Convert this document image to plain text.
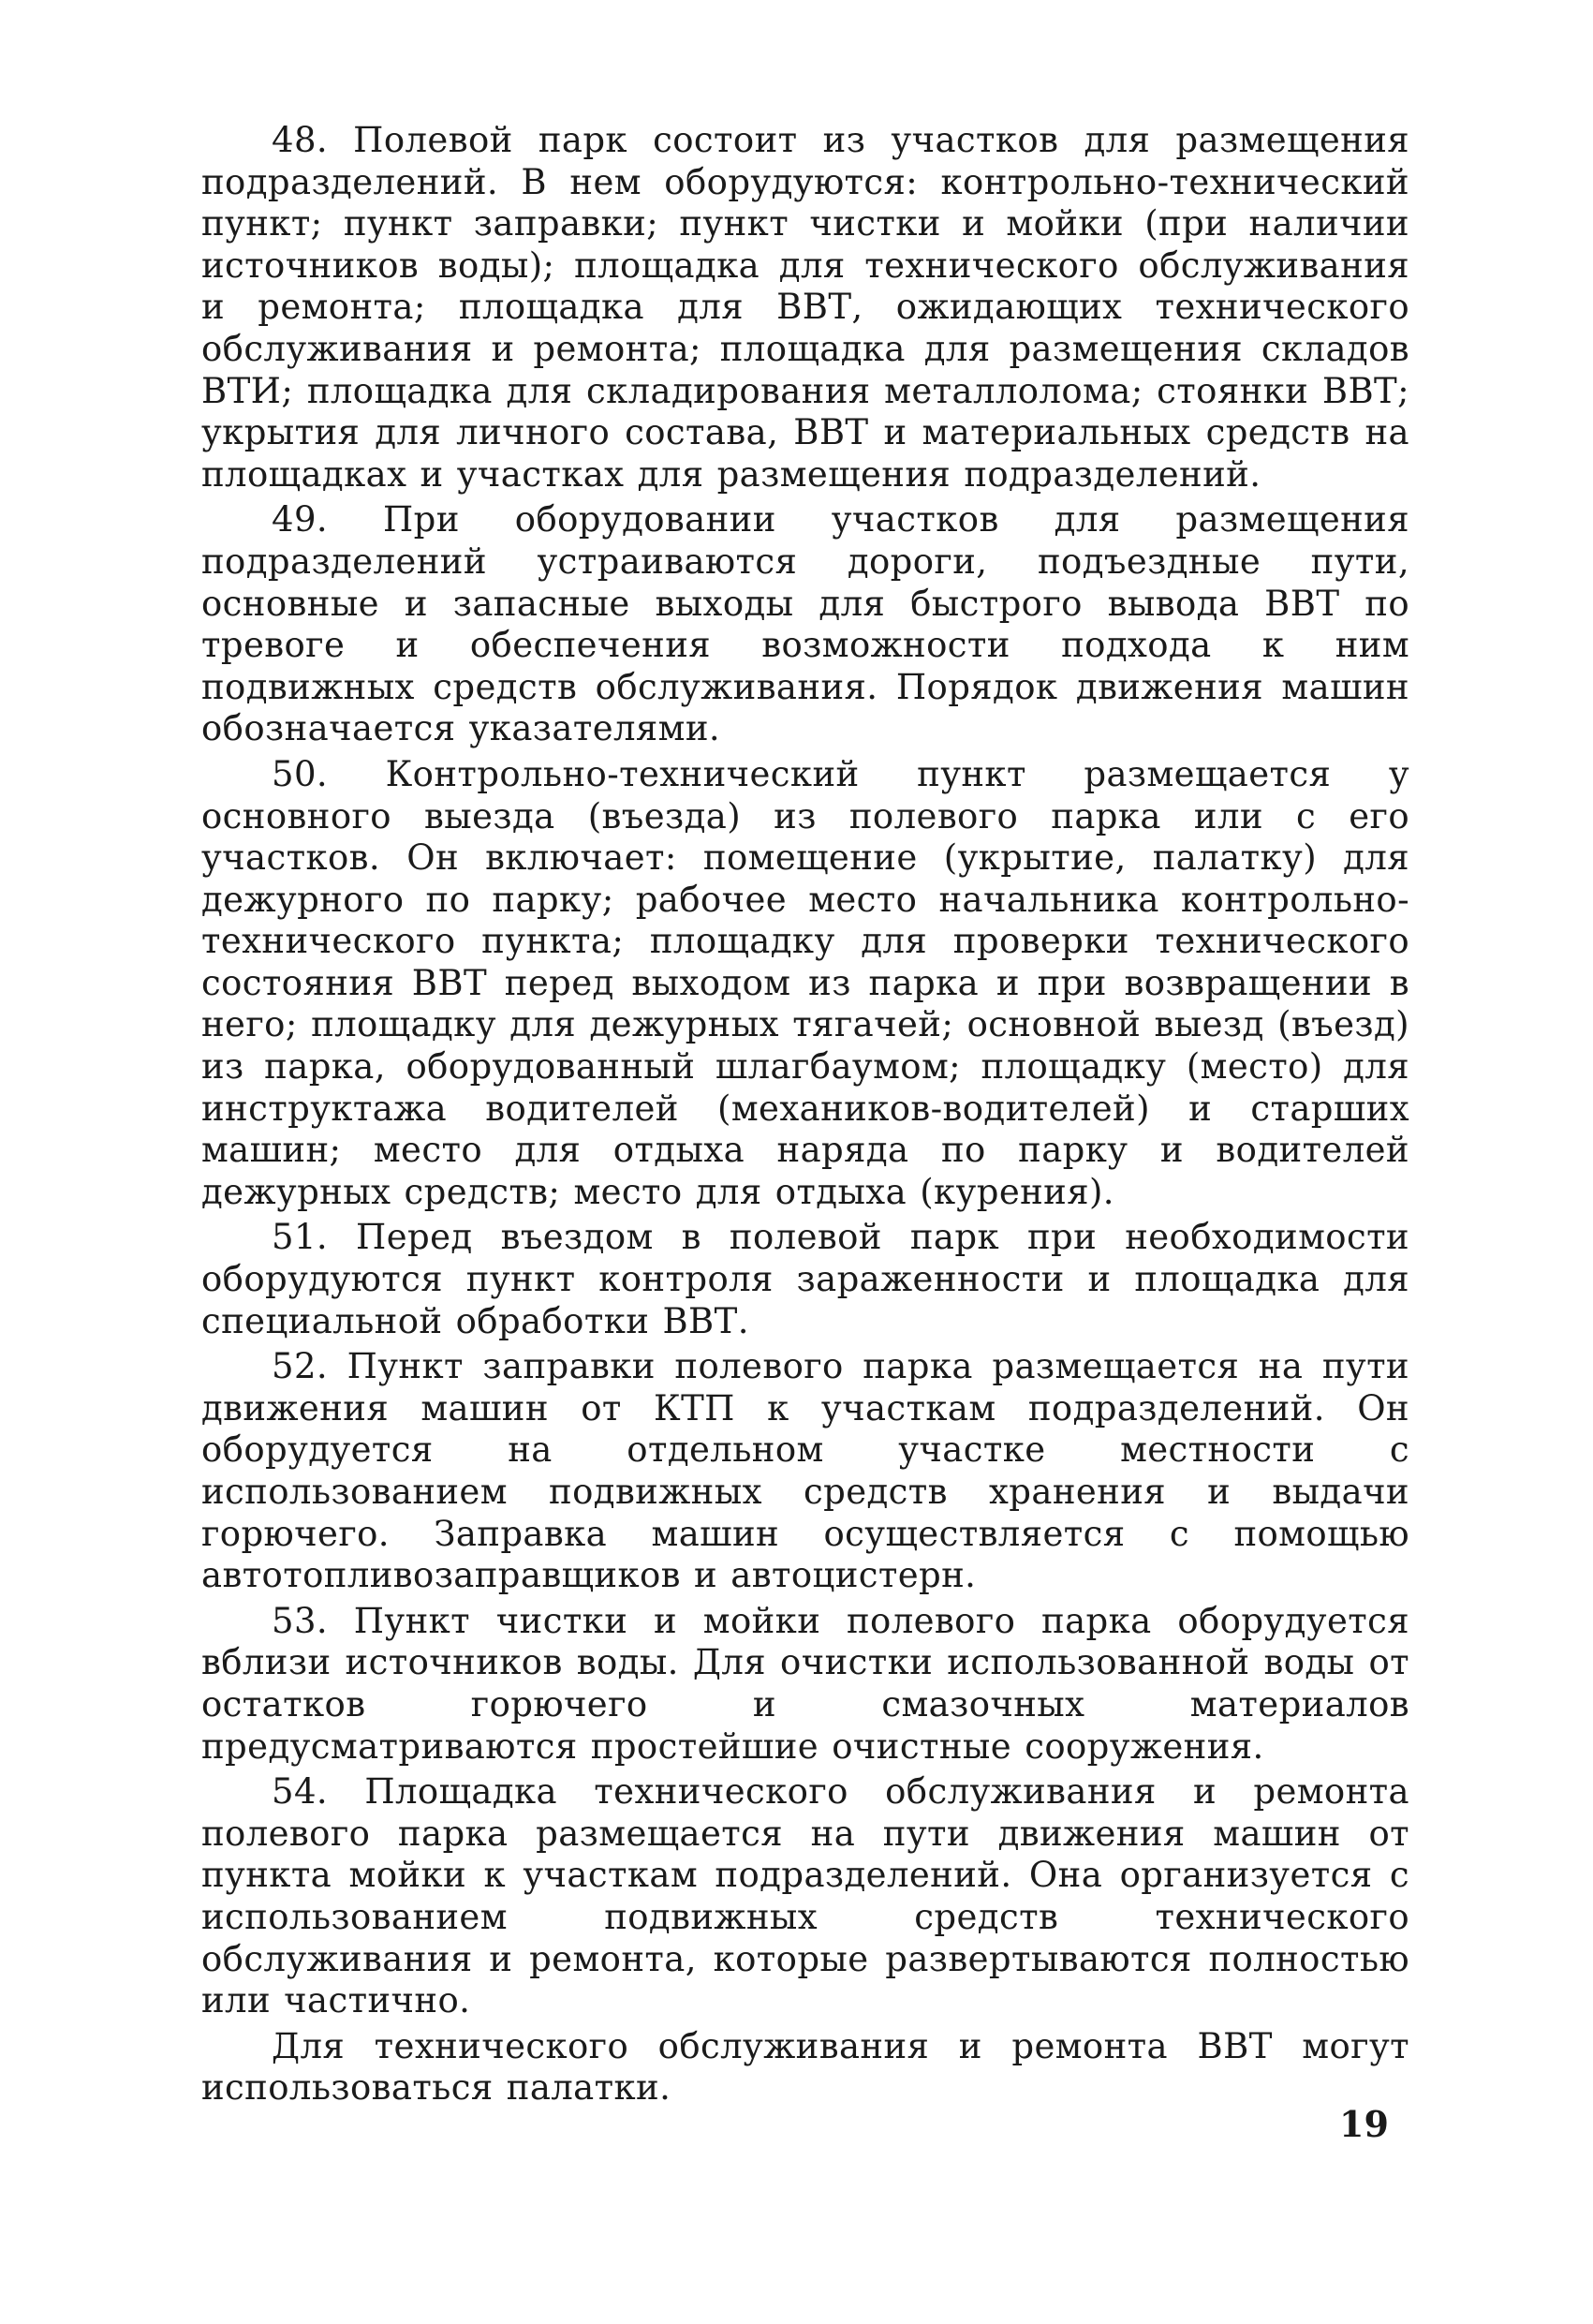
48. Полевой парк состоит из участков для размещения подразделений. В нем оборудуются: контрольно-технический пункт; пункт заправки; пункт чистки и мойки (при наличии источников воды); площадка для технического обслуживания и ремонта; площадка для ВВТ, ожидающих технического обслуживания и ремонта; площадка для размещения складов ВТИ; площадка для складирования металлолома; стоянки ВВТ; укрытия для личного состава, ВВТ и материальных средств на площадках и участках для размещения подразделений.

49. При оборудовании участков для размещения подразделений устраиваются дороги, подъездные пути, основные и запасные выходы для быстрого вывода ВВТ по тревоге и обеспечения возможности подхода к ним подвижных средств обслуживания. Порядок движения машин обозначается указателями.

50. Контрольно-технический пункт размещается у основного выезда (въезда) из полевого парка или с его участков. Он включает: помещение (укрытие, палатку) для дежурного по парку; рабочее место начальника контрольно-технического пункта; площадку для проверки технического состояния ВВТ перед выходом из парка и при возвращении в него; площадку для дежурных тягачей; основной выезд (въезд) из парка, оборудованный шлагбаумом; площадку (место) для инструктажа водителей (механиков-водителей) и старших машин; место для отдыха наряда по парку и водителей дежурных средств; место для отдыха (курения).

51. Перед въездом в полевой парк при необходимости оборудуются пункт контроля зараженности и площадка для специальной обработки ВВТ.

52. Пункт заправки полевого парка размещается на пути движения машин от КТП к участкам подразделений. Он оборудуется на отдельном участке местности с использованием подвижных средств хранения и выдачи горючего. Заправка машин осуществляется с помощью автотопливозаправщиков и автоцистерн.

53. Пункт чистки и мойки полевого парка оборудуется вблизи источников воды. Для очистки использованной воды от остатков горючего и смазочных материалов предусматриваются простейшие очистные сооружения.

54. Площадка технического обслуживания и ремонта полевого парка размещается на пути движения машин от пункта мойки к участкам подразделений. Она организуется с использованием подвижных средств технического обслуживания и ремонта, которые развертываются полностью или частично.

Для технического обслуживания и ремонта ВВТ могут использоваться палатки.

19
